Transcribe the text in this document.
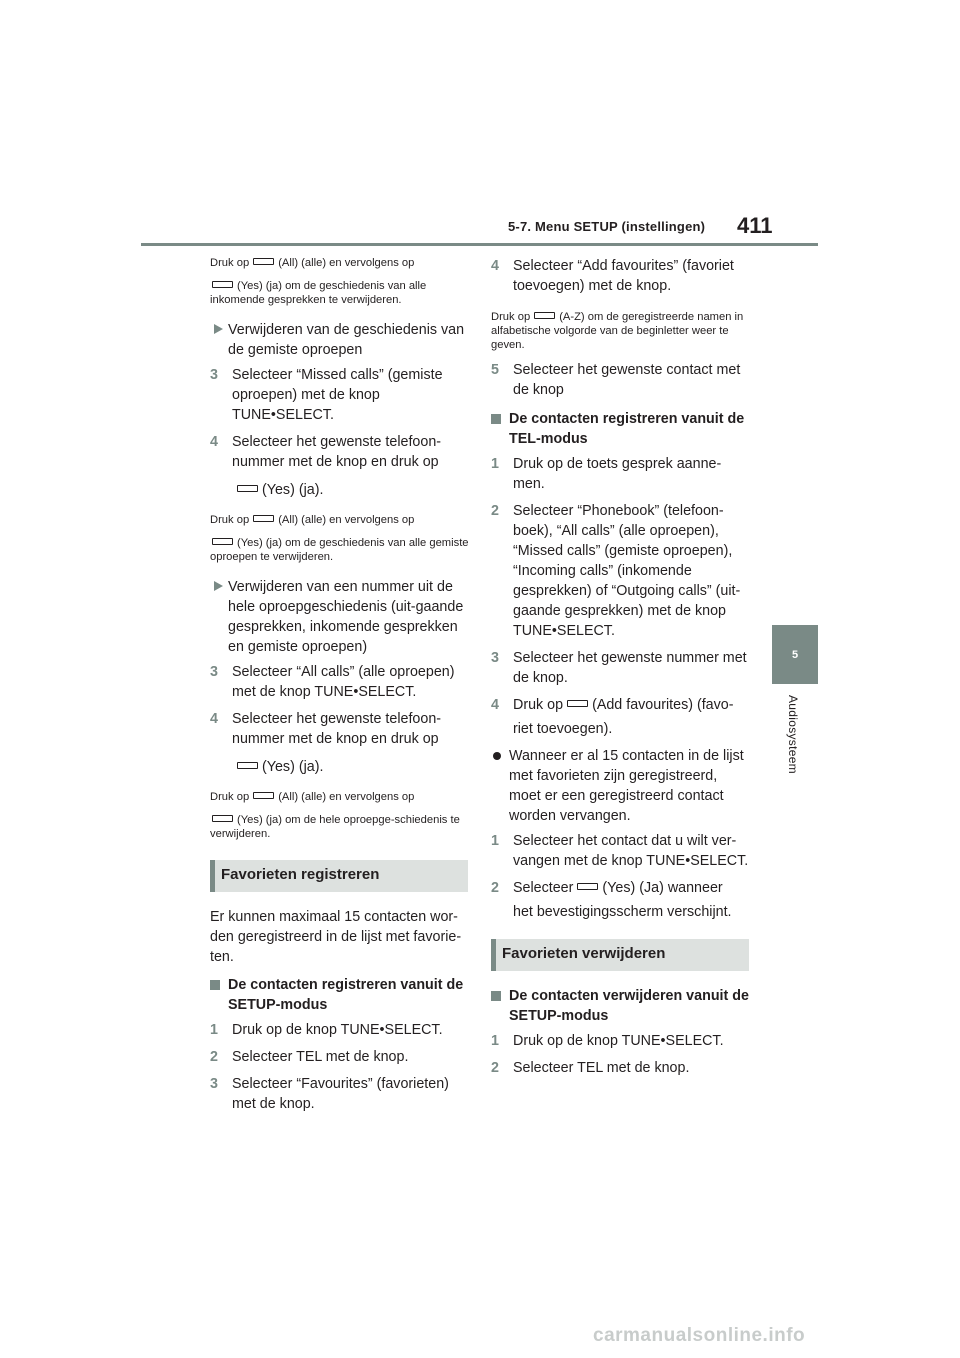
5-7. Menu SETUP (instellingen) 411
5
Audiosysteem
Druk op	(All) (alle) en vervolgens op
(Yes) (ja) om de geschiedenis van alle inkomende gesprekken te verwijderen.
Verwijderen van de geschiedenis van de gemiste oproepen
3 Selecteer “Missed calls” (gemiste oproepen) met de knop TUNE•SELECT.
4 Selecteer het gewenste telefoon-nummer met de knop en druk op
(Yes) (ja).
Druk op	(All) (alle) en vervolgens op
(Yes) (ja) om de geschiedenis van alle gemiste oproepen te verwijderen.
Verwijderen van een nummer uit de hele oproepgeschiedenis (uit-gaande gesprekken, inkomende gesprekken en gemiste oproepen)
3 Selecteer “All calls” (alle oproepen) met de knop TUNE•SELECT.
4 Selecteer het gewenste telefoon-nummer met de knop en druk op
(Yes) (ja).
Druk op	(All) (alle) en vervolgens op
(Yes) (ja) om de hele oproepge-schiedenis te verwijderen.
Favorieten registreren
Er kunnen maximaal 15 contacten wor-den geregistreerd in de lijst met favorie-ten.
De contacten registreren vanuit de SETUP-modus
1 Druk op de knop TUNE•SELECT.
2 Selecteer TEL met de knop.
3 Selecteer “Favourites” (favorieten) met de knop.
4 Selecteer “Add favourites” (favoriet toevoegen) met de knop.
Druk op	(A-Z) om de geregistreerde namen in alfabetische volgorde van de beginletter weer te geven.
5 Selecteer het gewenste contact met de knop
De contacten registreren vanuit de TEL-modus
1 Druk op de toets gesprek aanne-men.
2 Selecteer “Phonebook” (telefoon-boek), “All calls” (alle oproepen), “Missed calls” (gemiste oproepen), “Incoming calls” (inkomende gesprekken) of “Outgoing calls” (uit-gaande gesprekken) met de knop TUNE•SELECT.
3 Selecteer het gewenste nummer met de knop.
4 Druk op (Add favourites) (favo-
riet toevoegen).
Wanneer er al 15 contacten in de lijst met favorieten zijn geregistreerd, moet er een geregistreerd contact worden vervangen.
1 Selecteer het contact dat u wilt ver-vangen met de knop TUNE•SELECT.
2 Selecteer (Yes) (Ja) wanneer
het bevestigingsscherm verschijnt.
Favorieten verwijderen
De contacten verwijderen vanuit de SETUP-modus
1 Druk op de knop TUNE•SELECT.
2 Selecteer TEL met de knop.
carmanualsonline.info
